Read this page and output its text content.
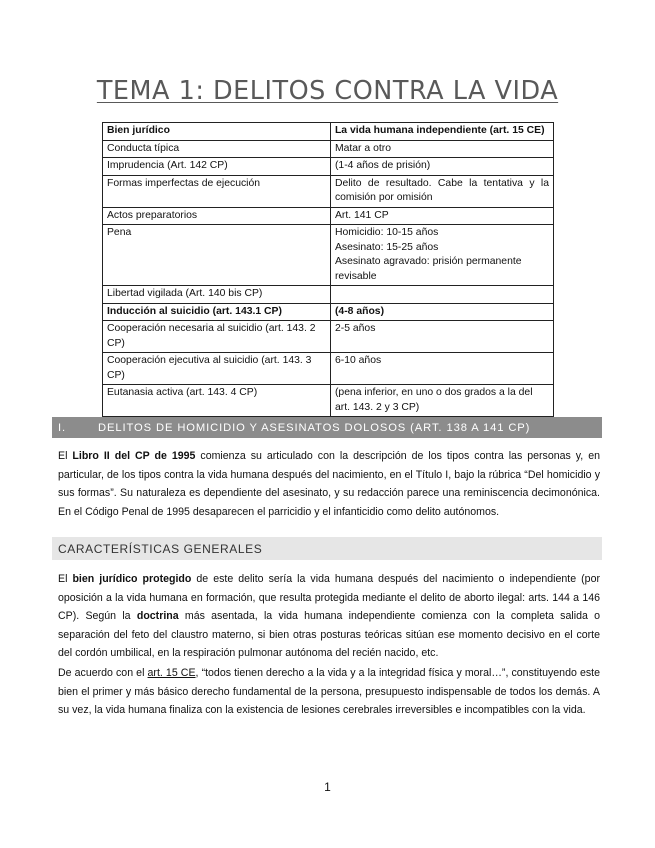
TEMA 1: DELITOS CONTRA LA VIDA
Bien jurídico	La vida humana independiente (art. 15 CE)
Conducta típica	Matar a otro
Imprudencia (Art. 142 CP)	(1-4 años de prisión)
Formas imperfectas de ejecución	Delito de resultado. Cabe la tentativa y la comisión por omisión
Actos preparatorios	Art. 141 CP
Pena	Homicidio: 10-15 años
Asesinato: 15-25 años
Asesinato agravado: prisión permanente revisable

Libertad vigilada (Art. 140 bis CP)	
Inducción al suicidio (art. 143.1 CP)	(4-8 años)
Cooperación necesaria al suicidio (art. 143. 2 CP)	2-5 años
Cooperación ejecutiva al suicidio (art. 143. 3 CP)	6-10 años
Eutanasia activa (art. 143. 4 CP)	(pena inferior, en uno o dos grados a la del art. 143. 2 y 3 CP)
I.	DELITOS DE HOMICIDIO Y ASESINATOS DOLOSOS (ART. 138 A 141 CP)

El Libro II del CP de 1995 comienza su articulado con la descripción de los tipos contra las personas y, en particular, de los tipos contra la vida humana después del nacimiento, en el Título I, bajo la rúbrica “Del homicidio y sus formas”. Su naturaleza es dependiente del asesinato, y su redacción parece una reminiscencia decimonónica. En el Código Penal de 1995 desaparecen el parricidio y el infanticidio como delito autónomos.

CARACTERÍSTICAS GENERALES

El bien jurídico protegido de este delito sería la vida humana después del nacimiento o independiente (por oposición a la vida humana en formación, que resulta protegida mediante el delito de aborto ilegal: arts. 144 a 146 CP). Según la doctrina más asentada, la vida humana independiente comienza con la completa salida o separación del feto del claustro materno, si bien otras posturas teóricas sitúan ese momento decisivo en el corte del cordón umbilical, en la respiración pulmonar autónoma del recién nacido, etc.

De acuerdo con el art. 15 CE, “todos tienen derecho a la vida y a la integridad física y moral…”, constituyendo este bien el primer y más básico derecho fundamental de la persona, presupuesto indispensable de todos los demás. A su vez, la vida humana finaliza con la existencia de lesiones cerebrales irreversibles e incompatibles con la vida.

1
